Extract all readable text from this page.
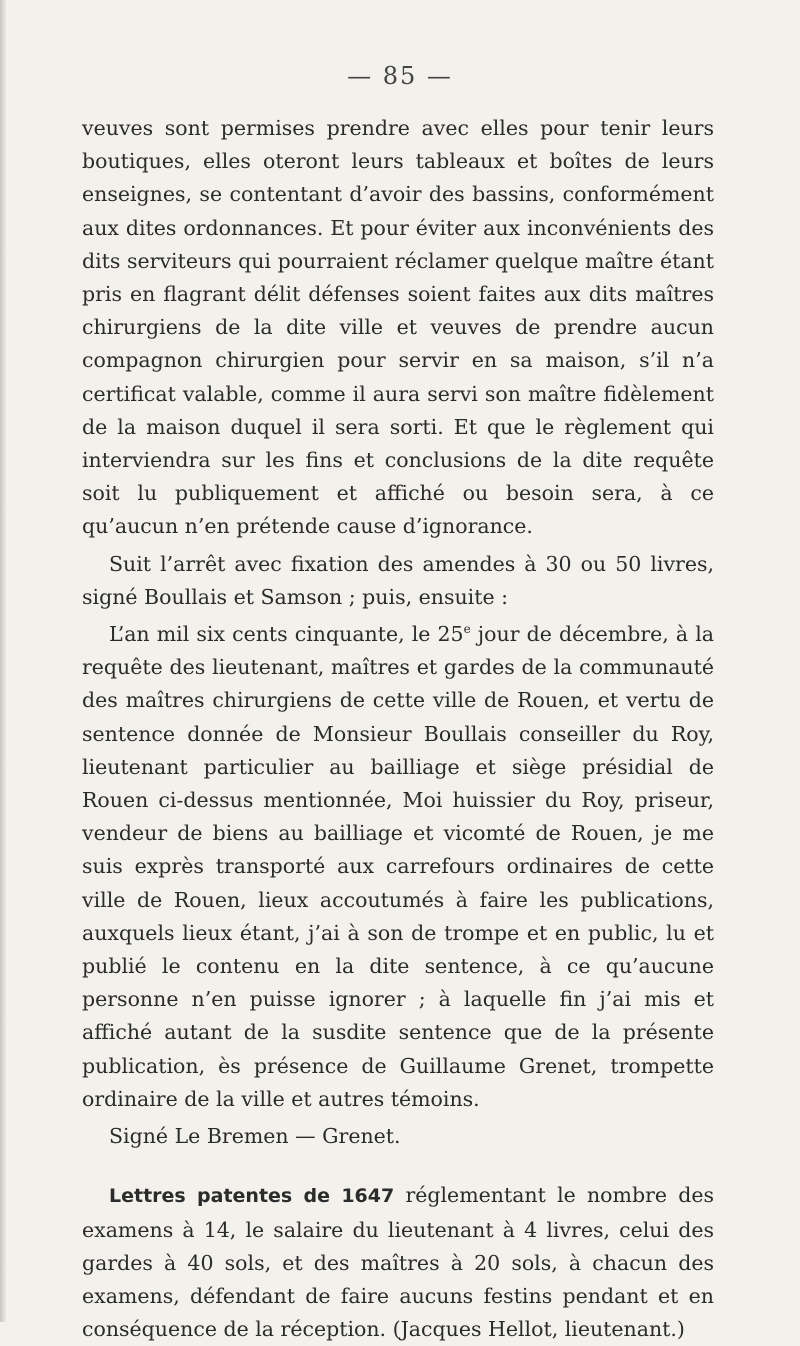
— 85 —

veuves sont permises prendre avec elles pour tenir leurs boutiques, elles oteront leurs tableaux et boîtes de leurs enseignes, se contentant d’avoir des bassins, conformément aux dites ordonnances. Et pour éviter aux inconvénients des dits serviteurs qui pourraient réclamer quelque maître étant pris en flagrant délit défenses soient faites aux dits maîtres chirurgiens de la dite ville et veuves de prendre aucun compagnon chirurgien pour servir en sa maison, s’il n’a certificat valable, comme il aura servi son maître fidèlement de la maison duquel il sera sorti. Et que le règlement qui interviendra sur les fins et conclusions de la dite requête soit lu publiquement et affiché ou besoin sera, à ce qu’aucun n’en prétende cause d’ignorance.

Suit l’arrêt avec fixation des amendes à 30 ou 50 livres, signé Boullais et Samson ; puis, ensuite :

L’an mil six cents cinquante, le 25e jour de décembre, à la requête des lieutenant, maîtres et gardes de la communauté des maîtres chirurgiens de cette ville de Rouen, et vertu de sentence donnée de Monsieur Boullais conseiller du Roy, lieutenant particulier au bailliage et siège présidial de Rouen ci-dessus mentionnée, Moi huissier du Roy, priseur, vendeur de biens au bailliage et vicomté de Rouen, je me suis exprès transporté aux carrefours ordinaires de cette ville de Rouen, lieux accoutumés à faire les publications, auxquels lieux étant, j’ai à son de trompe et en public, lu et publié le contenu en la dite sentence, à ce qu’aucune personne n’en puisse ignorer ; à laquelle fin j’ai mis et affiché autant de la susdite sentence que de la présente publication, ès présence de Guillaume Grenet, trompette ordinaire de la ville et autres témoins.

Signé Le Bremen — Grenet.

Lettres patentes de 1647 réglementant le nombre des examens à 14, le salaire du lieutenant à 4 livres, celui des gardes à 40 sols, et des maîtres à 20 sols, à chacun des examens, défendant de faire aucuns festins pendant et en conséquence de la réception. (Jacques Hellot, lieutenant.)
